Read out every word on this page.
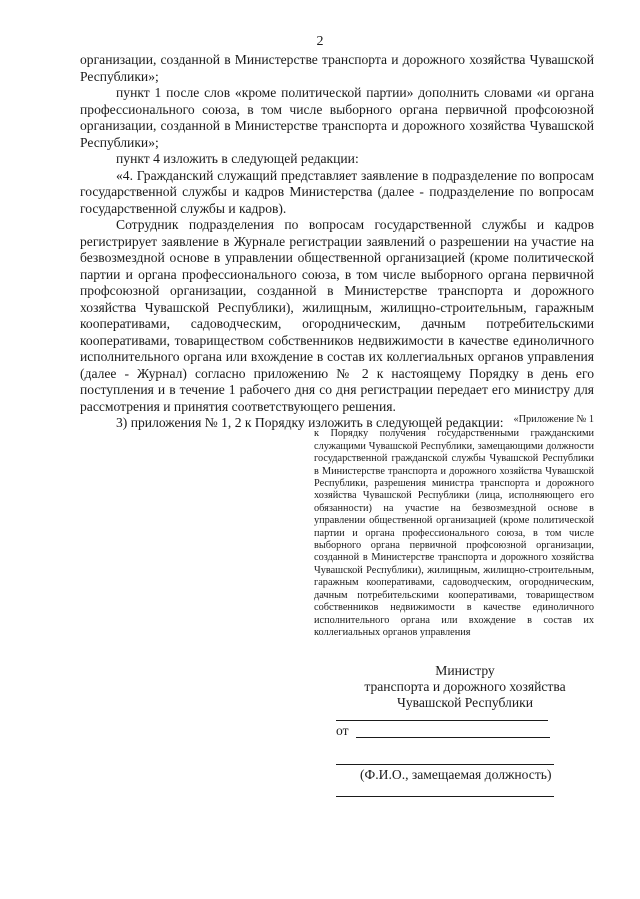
2

организации, созданной в Министерстве транспорта и дорожного хозяйства Чувашской Республики»;

пункт 1 после слов «кроме политической партии» дополнить словами «и органа профессионального союза, в том числе выборного органа первичной профсоюзной организации, созданной в Министерстве транспорта и дорожного хозяйства Чувашской Республики»;

пункт 4 изложить в следующей редакции:

«4. Гражданский служащий представляет заявление в подразделение по вопросам государственной службы и кадров Министерства (далее - подразделение по вопросам государственной службы и кадров).

Сотрудник подразделения по вопросам государственной службы и кадров регистрирует заявление в Журнале регистрации заявлений о разрешении на участие на безвозмездной основе в управлении общественной организацией (кроме политической партии и органа профессионального союза, в том числе выборного органа первичной профсоюзной организации, созданной в Министерстве транспорта и дорожного хозяйства Чувашской Республики), жилищным, жилищно-строительным, гаражным кооперативами, садоводческим, огородническим, дачным потребительскими кооперативами, товариществом собственников недвижимости в качестве единоличного исполнительного органа или вхождение в состав их коллегиальных органов управления (далее - Журнал) согласно приложению № 2 к настоящему Порядку в день его поступления и в течение 1 рабочего дня со дня регистрации передает его министру для рассмотрения и принятия соответствующего решения.

3) приложения № 1, 2 к Порядку изложить в следующей редакции: «Приложение № 1
к Порядку получения государственными гражданскими служащими Чувашской Республики, замещающими должности государственной гражданской службы Чувашской Республики в Министерстве транспорта и дорожного хозяйства Чувашской Республики, разрешения министра транспорта и дорожного хозяйства Чувашской Республики (лица, исполняющего его обязанности) на участие на безвозмездной основе в управлении общественной организацией (кроме политической партии и органа профессионального союза, в том числе выборного органа первичной профсоюзной организации, созданной в Министерстве транспорта и дорожного хозяйства Чувашской Республики), жилищным, жилищно-строительным, гаражным кооперативами, садоводческим, огородническим, дачным потребительскими кооперативами, товариществом собственников недвижимости в качестве единоличного исполнительного органа или вхождение в состав их коллегиальных органов управления
Министру
транспорта и дорожного хозяйства
Чувашской Республики
от
(Ф.И.О., замещаемая должность)
